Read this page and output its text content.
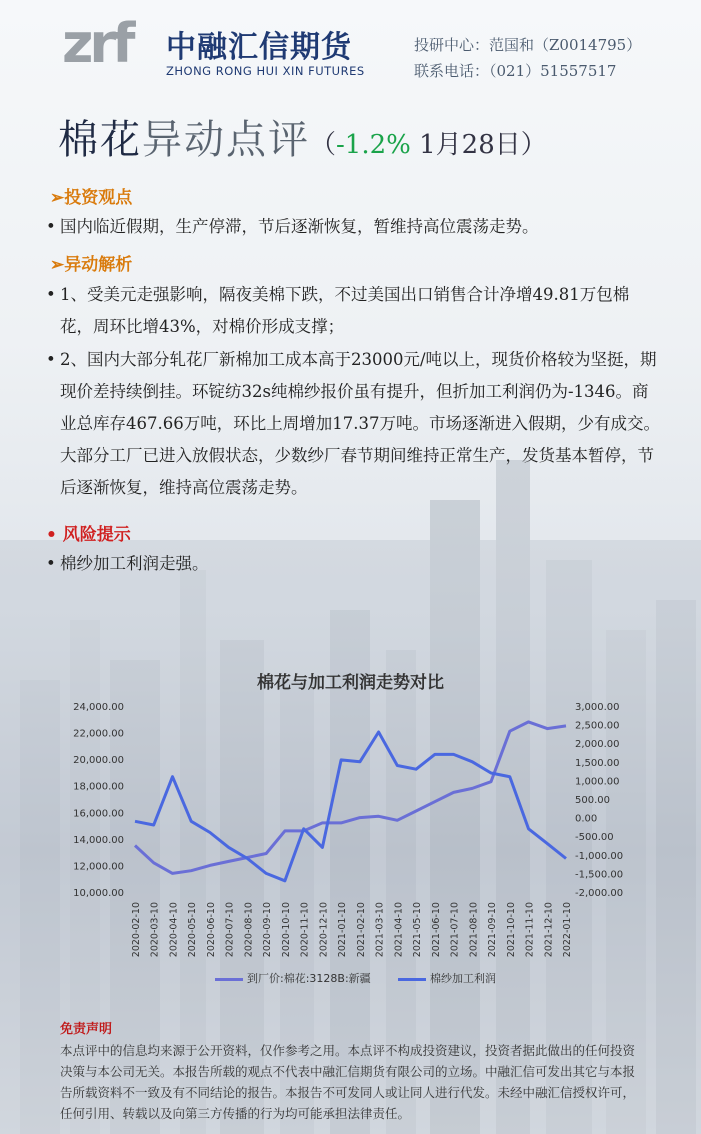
zrf 中融汇信期货
ZHONG RONG HUI XIN FUTURES
投研中心：范国和（Z0014795）
联系电话：（021）51557517
棉花异动点评（-1.2% 1月28日）
➢投资观点
• 国内临近假期，生产停滞，节后逐渐恢复，暂维持高位震荡走势。
➢异动解析
• 1、受美元走强影响，隔夜美棉下跌，不过美国出口销售合计净增49.81万包棉花，周环比增43%，对棉价形成支撑；
• 2、国内大部分轧花厂新棉加工成本高于23000元/吨以上，现货价格较为坚挺，期现价差持续倒挂。环锭纺32s纯棉纱报价虽有提升，但折加工利润仍为-1346。商业总库存467.66万吨，环比上周增加17.37万吨。市场逐渐进入假期，少有成交。大部分工厂已进入放假状态，少数纱厂春节期间维持正常生产，发货基本暂停，节后逐渐恢复，维持高位震荡走势。
• 风险提示
• 棉纱加工利润走强。
棉花与加工利润走势对比
24,000.00
22,000.00
20,000.00
18,000.00
16,000.00
14,000.00
12,000.00
10,000.00
3,000.00
2,500.00
2,000.00
1,500.00
1,000.00
500.00
0.00
-500.00
-1,000.00
-1,500.00
-2,000.00
2020-02-10 2020-03-10 2020-04-10 2020-05-10 2020-06-10 2020-07-10 2020-08-10 2020-09-10 2020-10-10 2020-11-10 2020-12-10 2021-01-10 2021-02-10 2021-03-10 2021-04-10 2021-05-10 2021-06-10 2021-07-10 2021-08-10 2021-09-10 2021-10-10 2021-11-10 2021-12-10 2022-01-10
到厂价:棉花:3128B:新疆	棉纱加工利润
免责声明
本点评中的信息均来源于公开资料，仅作参考之用。本点评不构成投资建议，投资者据此做出的任何投资决策与本公司无关。本报告所载的观点不代表中融汇信期货有限公司的立场。中融汇信可发出其它与本报告所载资料不一致及有不同结论的报告。本报告不可发同人或让同人进行代发。未经中融汇信授权许可，任何引用、转载以及向第三方传播的行为均可能承担法律责任。
